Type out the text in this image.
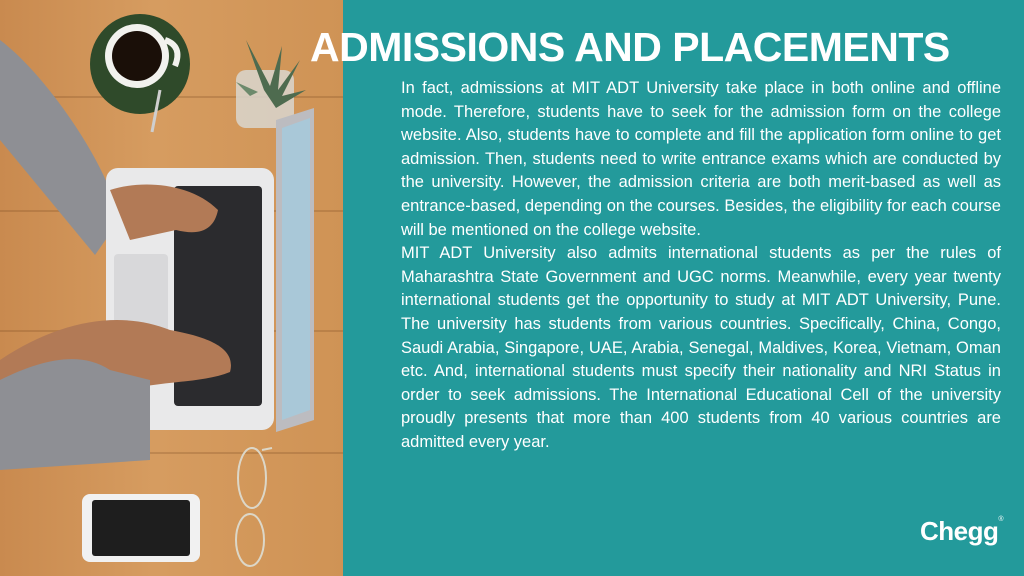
ADMISSIONS AND PLACEMENTS

In fact, admissions at MIT ADT University take place in both online and offline mode. Therefore, students have to seek for the admission form on the college website. Also, students have to complete and fill the application form online to get admission. Then, students need to write entrance exams which are conducted by the university. However, the admission criteria are both merit-based as well as entrance-based, depending on the courses. Besides, the eligibility for each course will be mentioned on the college website.

MIT ADT University also admits international students as per the rules of Maharashtra State Government and UGC norms. Meanwhile, every year twenty international students get the opportunity to study at MIT ADT University, Pune. The university has students from various countries. Specifically, China, Congo, Saudi Arabia, Singapore, UAE, Arabia, Senegal, Maldives, Korea, Vietnam, Oman etc. And, international students must specify their nationality and NRI Status in order to seek admissions. The International Educational Cell of the university proudly presents that more than 400 students from 40 various countries are admitted every year.

Chegg®
